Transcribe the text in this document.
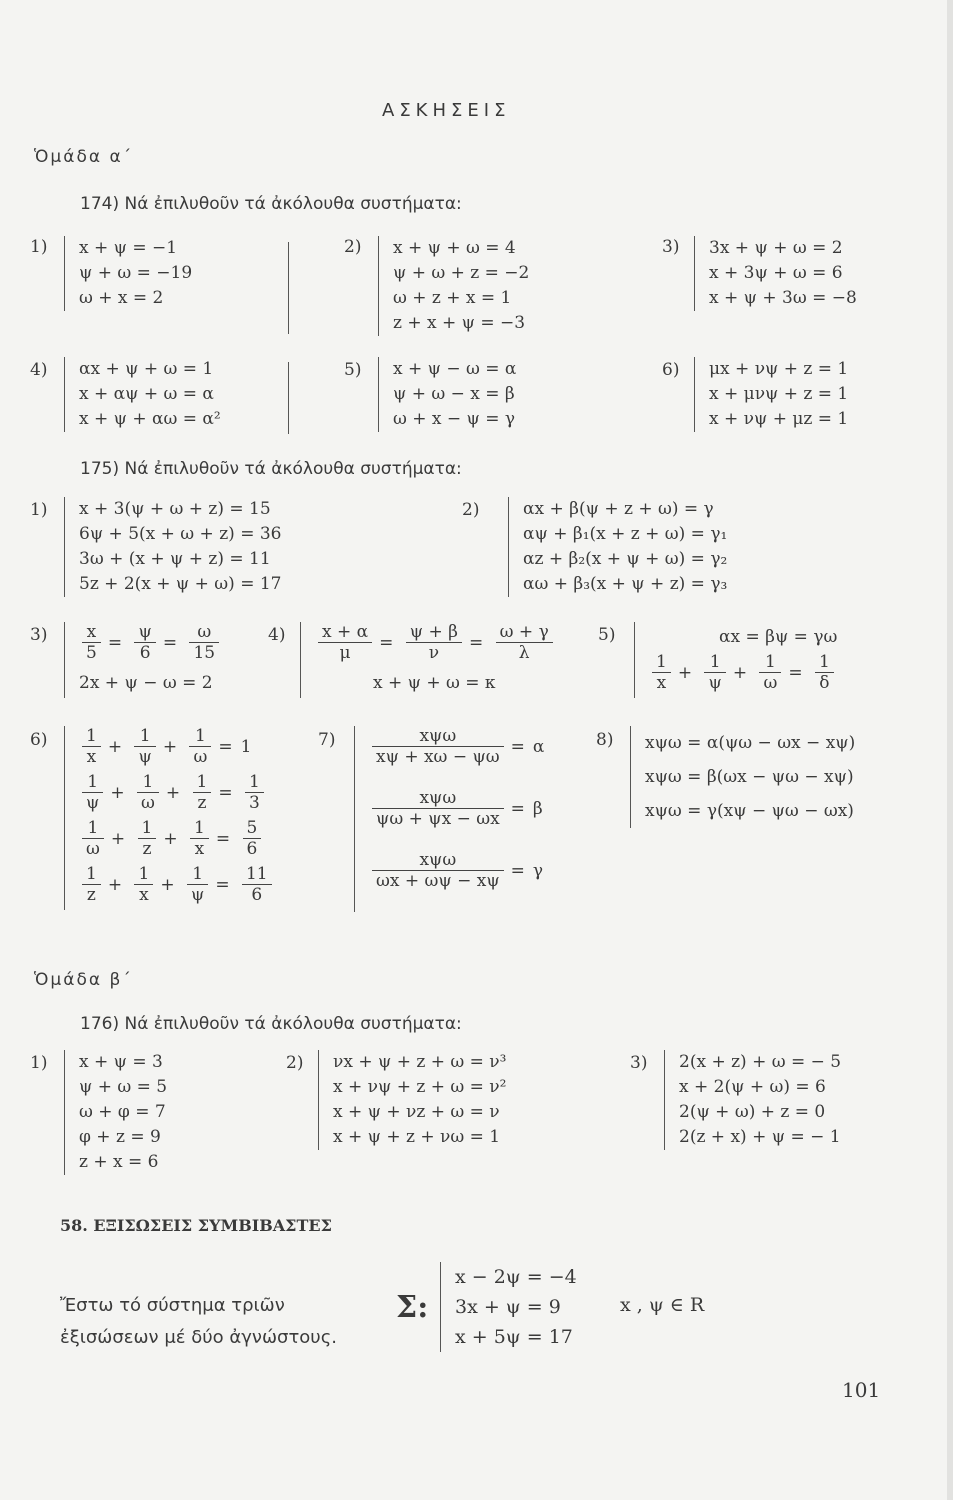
ΑΣΚΗΣΕΙΣ
Ὁμάδα α΄
174) Νά ἐπιλυθοῦν τά ἀκόλουθα συστήματα:
1) x + ψ = −1
ψ + ω = −19
ω + x = 2
2) x + ψ + ω = 4
ψ + ω + z = −2
ω + z + x = 1
z + x + ψ = −3
3) 3x + ψ + ω = 2
x + 3ψ + ω = 6
x + ψ + 3ω = −8
4) αx + ψ + ω = 1
x + αψ + ω = α
x + ψ + αω = α²
5) x + ψ − ω = α
ψ + ω − x = β
ω + x − ψ = γ
6) μx + νψ + z = 1
x + μνψ + z = 1
x + νψ + μz = 1
175) Νά ἐπιλυθοῦν τά ἀκόλουθα συστήματα:
1) x + 3(ψ + ω + z) = 15
6ψ + 5(x + ω + z) = 36
3ω + (x + ψ + z) = 11
5z + 2(x + ψ + ω) = 17
2)	αx + β(ψ + z + ω) = γ
αψ + β₁(x + z + ω) = γ₁
αz + β₂(x + ψ + ω) = γ₂
αω + β₃(x + ψ + z) = γ₃
$3) \frac{x}{5} = \frac{\psi}{6} = \frac{\omega}{15}$
2x + ψ − ω = 2
$4) \frac{x + \alpha}{\mu} = \frac{\psi + \beta}{\nu} = \frac{\omega + \gamma}{\lambda}$
x + ψ + ω = κ
5)	αx = βψ = γω
$\frac{1}{x} + \frac{1}{\psi} + \frac{1}{\omega} = \frac{1}{\delta}$
$6) \frac{1}{x} + \frac{1}{\psi} + \frac{1}{\omega} = 1$
$\frac{1}{\psi} + \frac{1}{\omega} + \frac{1}{z} = \frac{1}{3}$
$\frac{1}{\omega} + \frac{1}{z} + \frac{1}{x} = \frac{5}{6}$
$\frac{1}{z} + \frac{1}{x} + \frac{1}{\psi} = \frac{11}{6}$
$7) \frac{\text{xψω}}{x\psi + x\omega - \psi\omega} = \alpha$
$\frac{\text{xψω}}{\psi\omega + \psi x - \omega x} = \beta$
$\frac{\text{xψω}}{\omega x + \omega\psi - x\psi} = \gamma$
8) xψω = α(ψω − ωx − xψ)
xψω = β(ωx − ψω − xψ)
xψω = γ(xψ − ψω − ωx)
Ὁμάδα β΄
176) Νά ἐπιλυθοῦν τά ἀκόλουθα συστήματα:
1) x + ψ = 3
ψ + ω = 5
ω + φ = 7
φ + z = 9
z + x = 6
2) νx + ψ + z + ω = ν³
x + νψ + z + ω = ν²
x + ψ + νz + ω = ν
x + ψ + z + νω = 1
3) 2(x + z) + ω = − 5
x + 2(ψ + ω) = 6
2(ψ + ω) + z = 0
2(z + x) + ψ = − 1
58. ΕΞΙΣΩΣΕΙΣ ΣΥΜΒΙΒΑΣΤΕΣ
Ἔστω τό σύστημα τριῶν
ἐξισώσεων μέ δύο ἀγνώστους.
Σ:
x − 2ψ = −4
3x + ψ = 9
x + 5ψ = 17
x , ψ ∈ R
101
